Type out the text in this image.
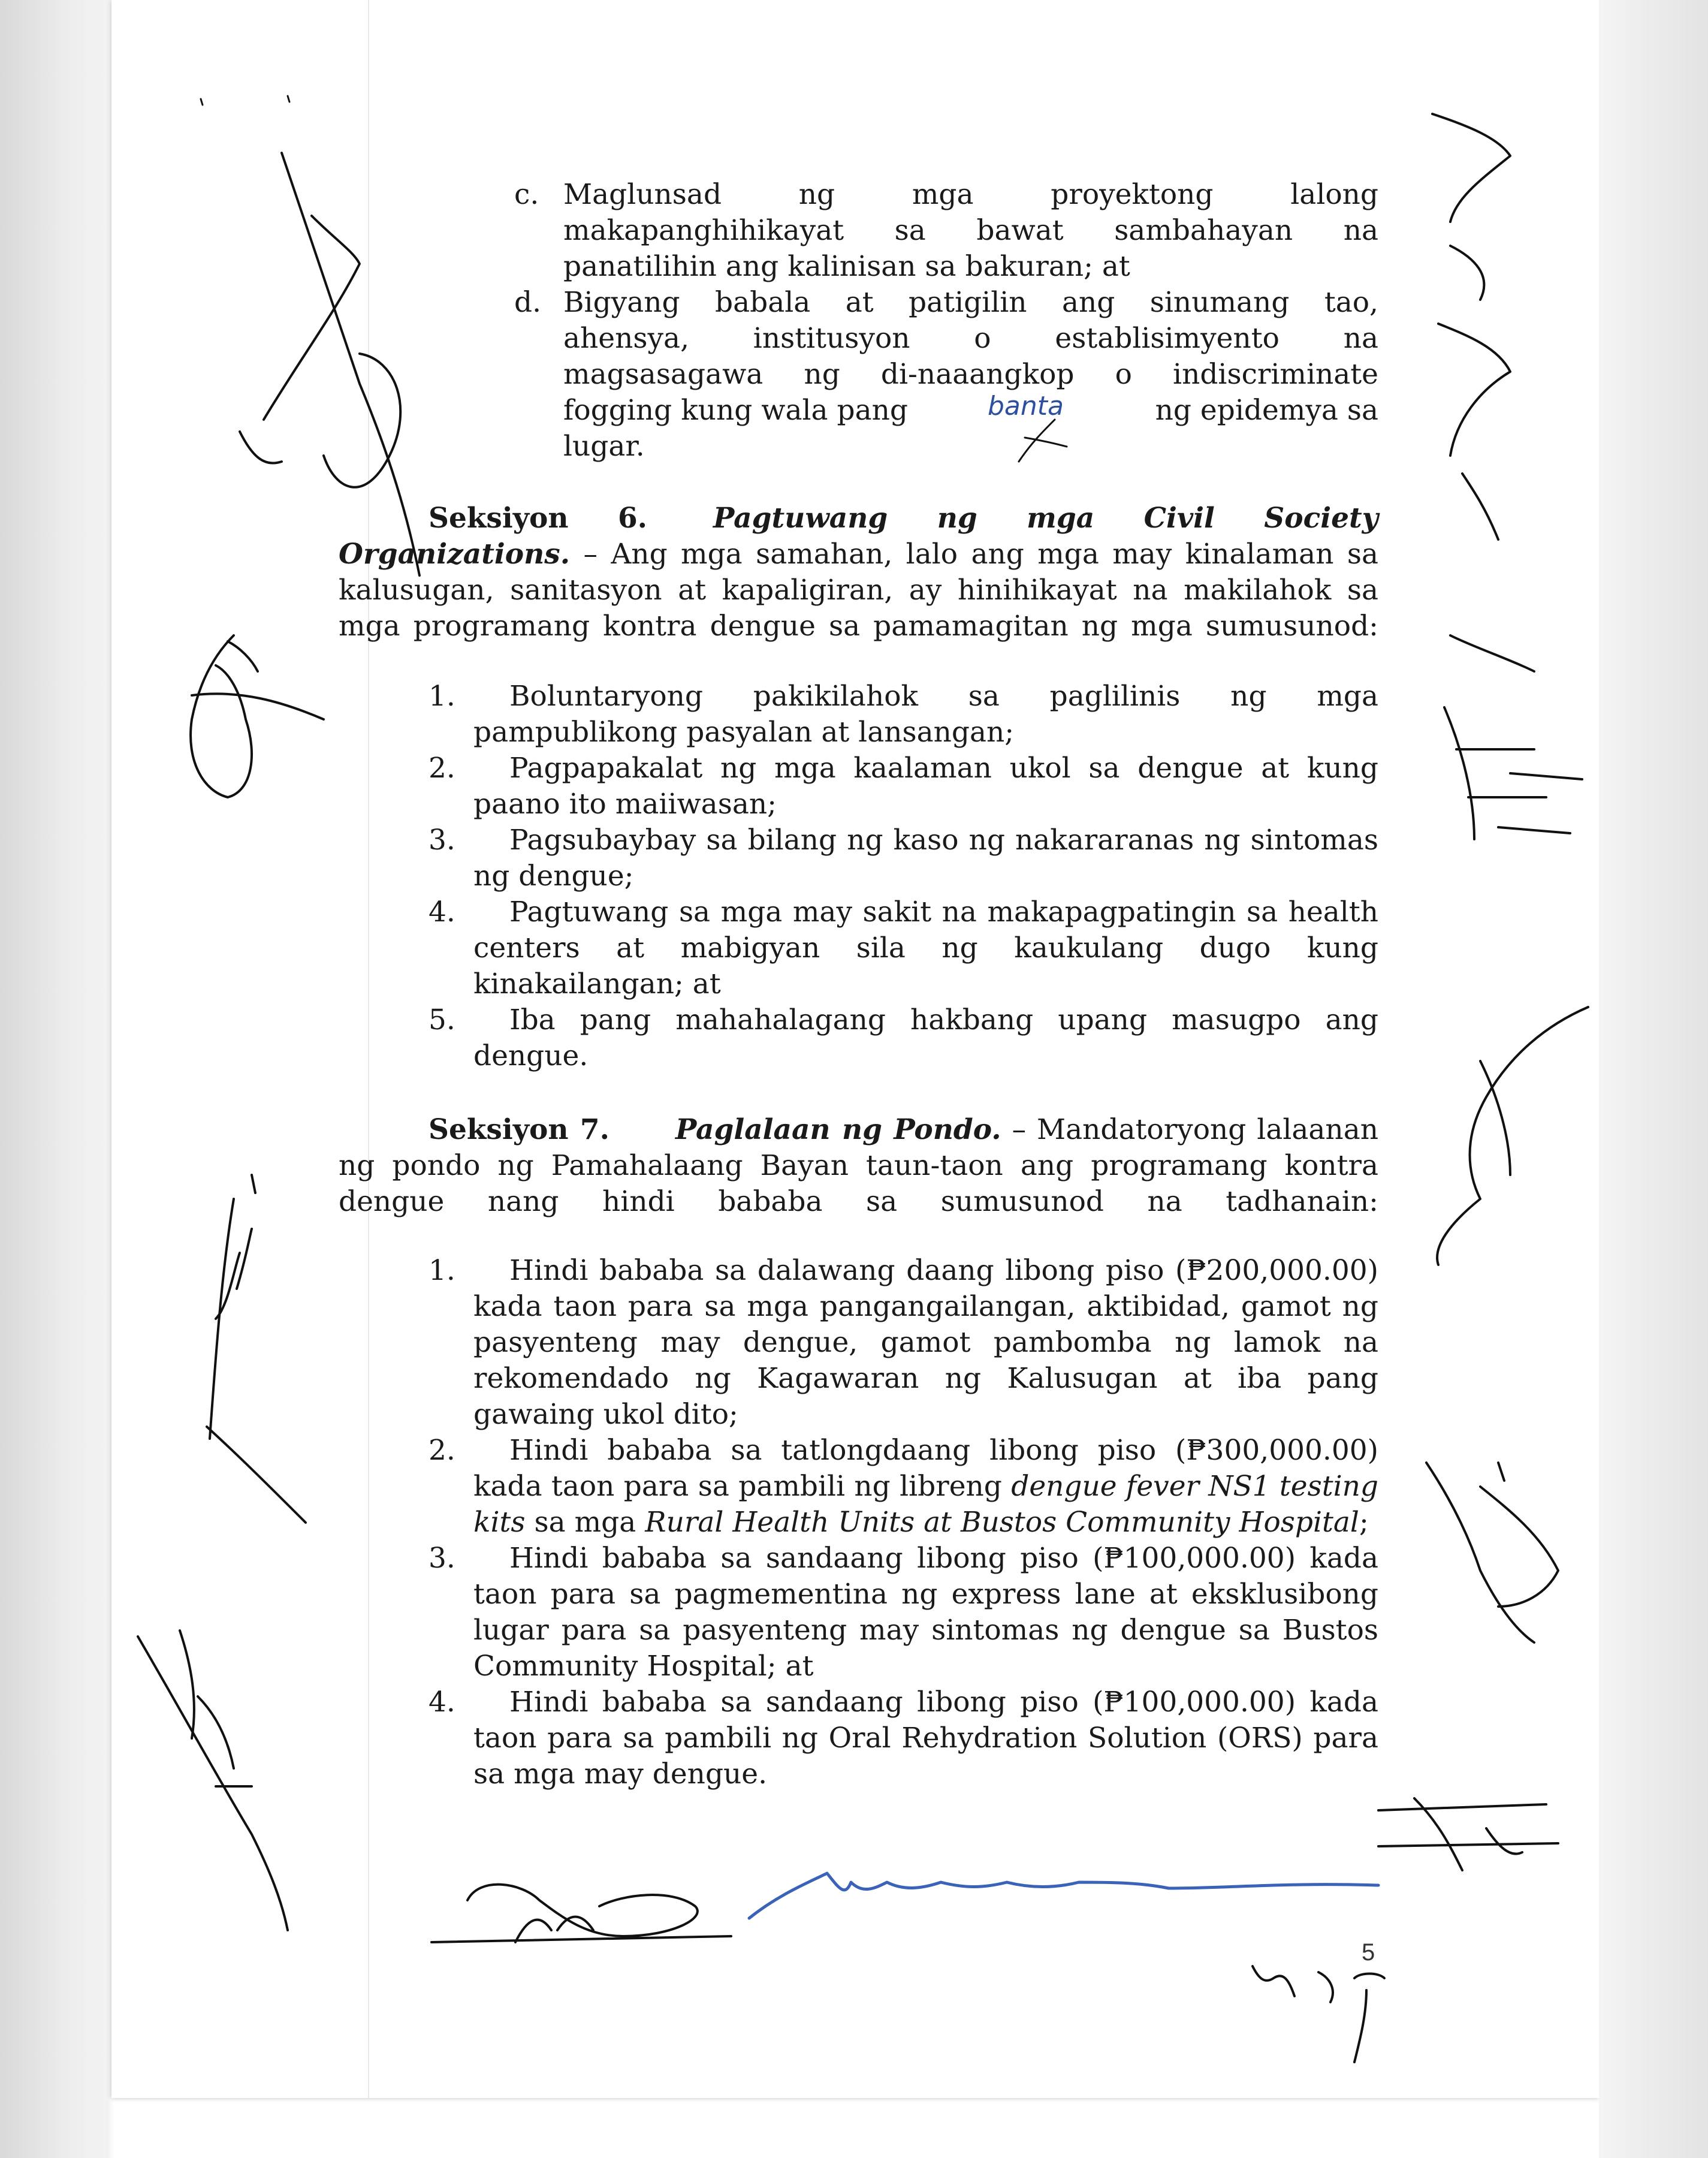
c. Maglunsad ng mga proyektong lalong
makapanghihikayat sa bawat sambahayan na
panatilihin ang kalinisan sa bakuran; at
d. Bigyang babala at patigilin ang sinumang tao,
ahensya, institusyon o establisimyento na
magsasagawa ng di-naaangkop o indiscriminate
fogging kung wala pang	ng epidemya sa
lugar.
banta
Seksiyon 6. Pagtuwang ng mga Civil Society Organizations. – Ang mga samahan, lalo ang mga may kinalaman sa kalusugan, sanitasyon at kapaligiran, ay hinihikayat na makilahok sa mga programang kontra dengue sa pamamagitan ng mga sumusunod:
1.	Boluntaryong pakikilahok sa paglilinis ng mga pampublikong pasyalan at lansangan;
2.	Pagpapakalat ng mga kaalaman ukol sa dengue at kung paano ito maiiwasan;
3.	Pagsubaybay sa bilang ng kaso ng nakararanas ng sintomas ng dengue;
4.	Pagtuwang sa mga may sakit na makapagpatingin sa health centers at mabigyan sila ng kaukulang dugo kung kinakailangan; at
5.	Iba pang mahahalagang hakbang upang masugpo ang dengue.
Seksiyon 7. Paglalaan ng Pondo. – Mandatoryong lalaanan ng pondo ng Pamahalaang Bayan taun-taon ang programang kontra dengue nang hindi bababa sa sumusunod na tadhanain:
1.	Hindi bababa sa dalawang daang libong piso (₱200,000.00) kada taon para sa mga pangangailangan, aktibidad, gamot ng pasyenteng may dengue, gamot pambomba ng lamok na rekomendado ng Kagawaran ng Kalusugan at iba pang gawaing ukol dito;
2.	Hindi bababa sa tatlongdaang libong piso (₱300,000.00) kada taon para sa pambili ng libreng dengue fever NS1 testing kits sa mga Rural Health Units at Bustos Community Hospital;
3.	Hindi bababa sa sandaang libong piso (₱100,000.00) kada taon para sa pagmementina ng express lane at eksklusibong lugar para sa pasyenteng may sintomas ng dengue sa Bustos Community Hospital; at
4.	Hindi bababa sa sandaang libong piso (₱100,000.00) kada taon para sa pambili ng Oral Rehydration Solution (ORS) para sa mga may dengue.
5
